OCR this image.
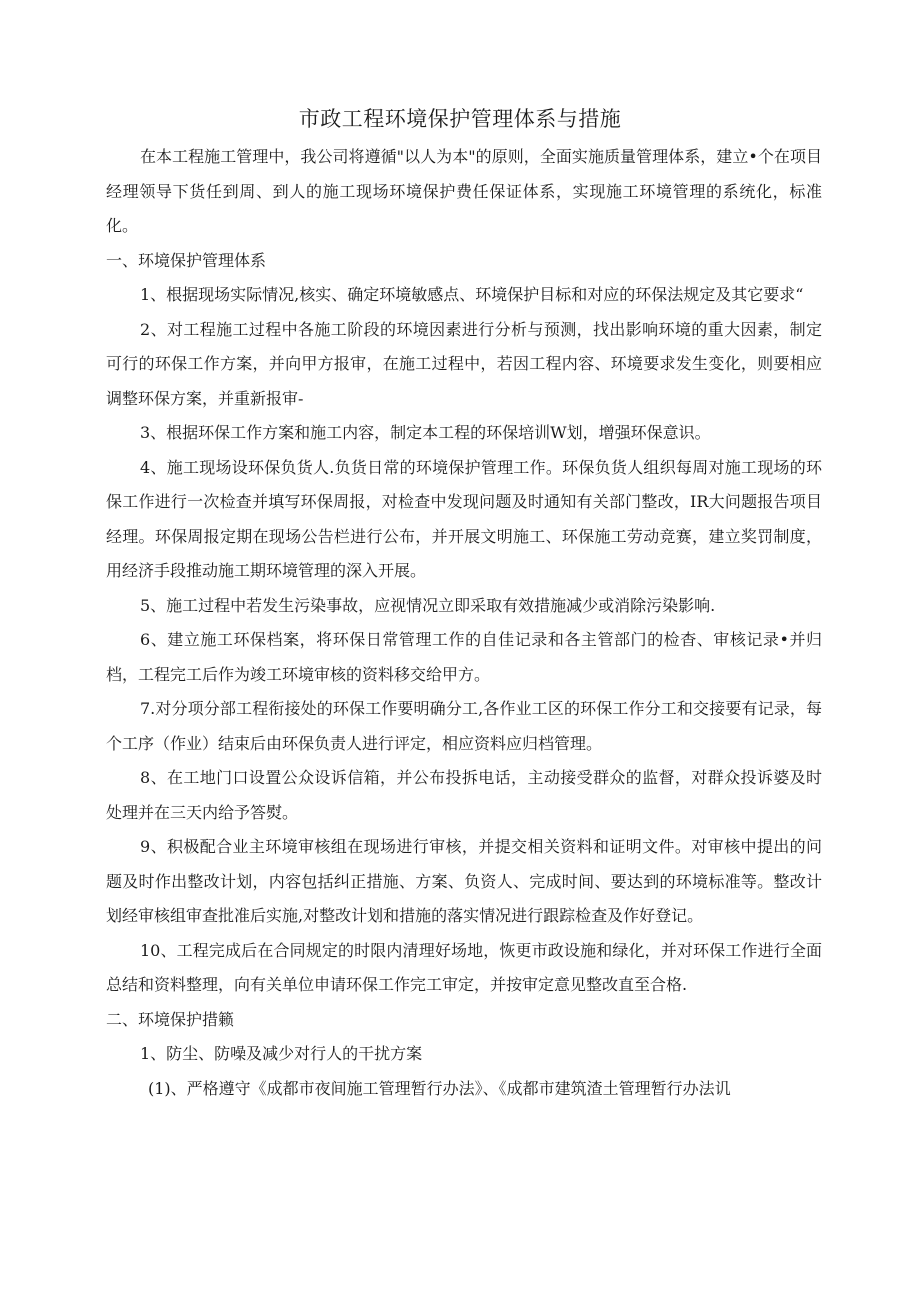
市政工程环境保护管理体系与措施

在本工程施工管理中，我公司将遵循"以人为本"的原则，全面实施质量管理体系，建立•个在项目经理领导下货任到周、到人的施工现场环境保护费任保证体系，实现施工环境管理的系统化，标准化。

一、环境保护管理体系

1、根据现场实际情况,核实、确定环境敏感点、环境保护目标和对应的环保法规定及其它要求“

2、对工程施工过程中各施工阶段的环境因素进行分析与预测，找出影响环境的重大因素，制定可行的环保工作方案，并向甲方报审，在施工过程中，若因工程内容、环境要求发生变化，则要相应调整环保方案，并重新报审-

3、根据环保工作方案和施工内容，制定本工程的环保培训W划，增强环保意识。

4、施工现场设环保负货人.负货日常的环境保护管理工作。环保负货人组织每周对施工现场的环保工作进行一次检查并填写环保周报，对检查中发现问题及时通知有关部门整改，IR大问题报告项目经理。环保周报定期在现场公告栏进行公布，并开展文明施工、环保施工劳动竞赛，建立奖罚制度，用经济手段推动施工期环境管理的深入开展。

5、施工过程中若发生污染事故，应视情况立即采取有效措施减少或消除污染影响.

6、建立施工环保档案，将环保日常管理工作的自佳记录和各主管部门的检杳、审核记录•并归档，工程完工后作为竣工环境审核的资料移交给甲方。

7.对分项分部工程衔接处的环保工作要明确分工,各作业工区的环保工作分工和交接要有记录，每个工序（作业）结束后由环保负责人进行评定，相应资料应归档管理。

8、在工地门口设置公众设诉信箱，并公布投拆电话，主动接受群众的监督，对群众投诉婆及时处理并在三天内给予答熨。

9、积极配合业主环境审核组在现场进行审核，并提交相关资料和证明文件。对审核中提出的问题及时作出整改计划，内容包括纠正措施、方案、负资人、完成时间、要达到的环境标准等。整改计划经审核组审查批准后实施,对整改计划和措施的落实情况进行跟踪检查及作好登记。

10、工程完成后在合同规定的时限内清理好场地，恢更市政设施和绿化，并对环保工作进行全面总结和资料整理，向有关单位申请环保工作完工审定，并按审定意见整改直至合格.

二、环境保护措籁

1、防尘、防噪及减少对行人的干扰方案

(1)、严格遵守《成都市夜间施工管理暂行办法》、《成都市建筑渣土管理暂行办法讥
